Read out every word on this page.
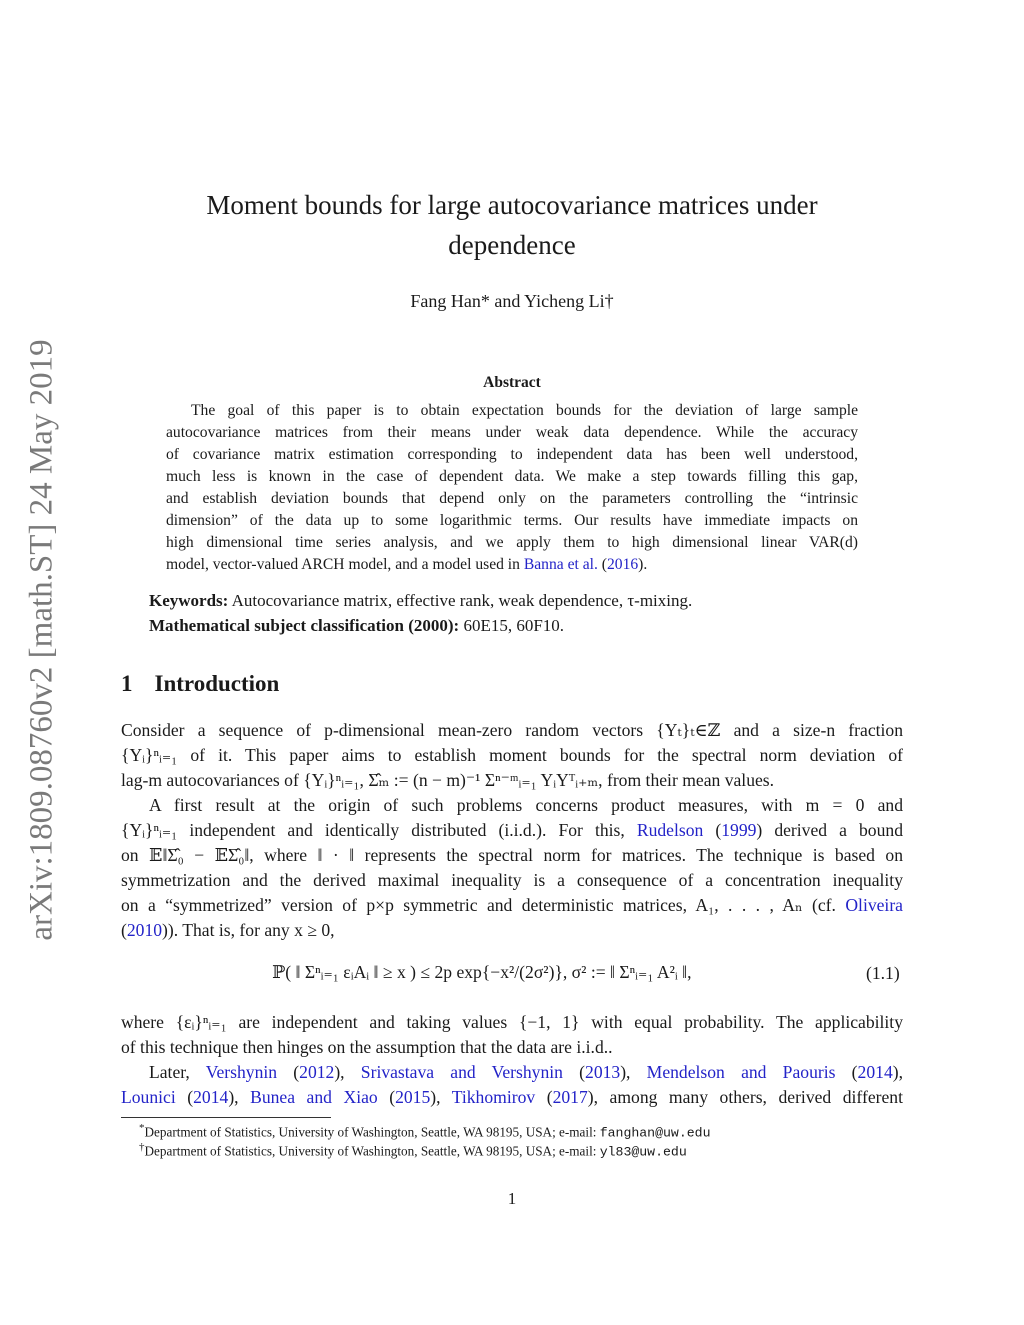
arXiv:1809.08760v2 [math.ST] 24 May 2019
Moment bounds for large autocovariance matrices under
dependence
Fang Han* and Yicheng Li†
Abstract
The goal of this paper is to obtain expectation bounds for the deviation of large sample
autocovariance matrices from their means under weak data dependence. While the accuracy
of covariance matrix estimation corresponding to independent data has been well understood,
much less is known in the case of dependent data. We make a step towards filling this gap,
and establish deviation bounds that depend only on the parameters controlling the “intrinsic
dimension” of the data up to some logarithmic terms. Our results have immediate impacts on
high dimensional time series analysis, and we apply them to high dimensional linear VAR(d)
model, vector-valued ARCH model, and a model used in Banna et al. (2016).
Keywords: Autocovariance matrix, effective rank, weak dependence, τ-mixing.
Mathematical subject classification (2000): 60E15, 60F10.
1 Introduction
Consider a sequence of p-dimensional mean-zero random vectors {Yₜ}ₜ∈ℤ and a size-n fraction
{Yᵢ}ⁿᵢ₌₁ of it. This paper aims to establish moment bounds for the spectral norm deviation of
lag-m autocovariances of {Yᵢ}ⁿᵢ₌₁, Σ̂ₘ := (n − m)⁻¹ Σⁿ⁻ᵐᵢ₌₁ YᵢYᵀᵢ₊ₘ, from their mean values.
A first result at the origin of such problems concerns product measures, with m = 0 and
{Yᵢ}ⁿᵢ₌₁ independent and identically distributed (i.i.d.). For this, Rudelson (1999) derived a bound
on 𝔼‖Σ̂₀ − 𝔼Σ̂₀‖, where ‖ · ‖ represents the spectral norm for matrices. The technique is based on
symmetrization and the derived maximal inequality is a consequence of a concentration inequality
on a “symmetrized” version of p×p symmetric and deterministic matrices, A₁, . . . , Aₙ (cf. Oliveira
(2010)). That is, for any x ≥ 0,
ℙ( ‖ Σⁿᵢ₌₁ εᵢAᵢ ‖ ≥ x ) ≤ 2p exp{−x²/(2σ²)}, σ² := ‖ Σⁿᵢ₌₁ A²ᵢ ‖,	(1.1)
where {εᵢ}ⁿᵢ₌₁ are independent and taking values {−1, 1} with equal probability. The applicability
of this technique then hinges on the assumption that the data are i.i.d..
Later, Vershynin (2012), Srivastava and Vershynin (2013), Mendelson and Paouris (2014),
Lounici (2014), Bunea and Xiao (2015), Tikhomirov (2017), among many others, derived different
*Department of Statistics, University of Washington, Seattle, WA 98195, USA; e-mail: fanghan@uw.edu
†Department of Statistics, University of Washington, Seattle, WA 98195, USA; e-mail: yl83@uw.edu
1
